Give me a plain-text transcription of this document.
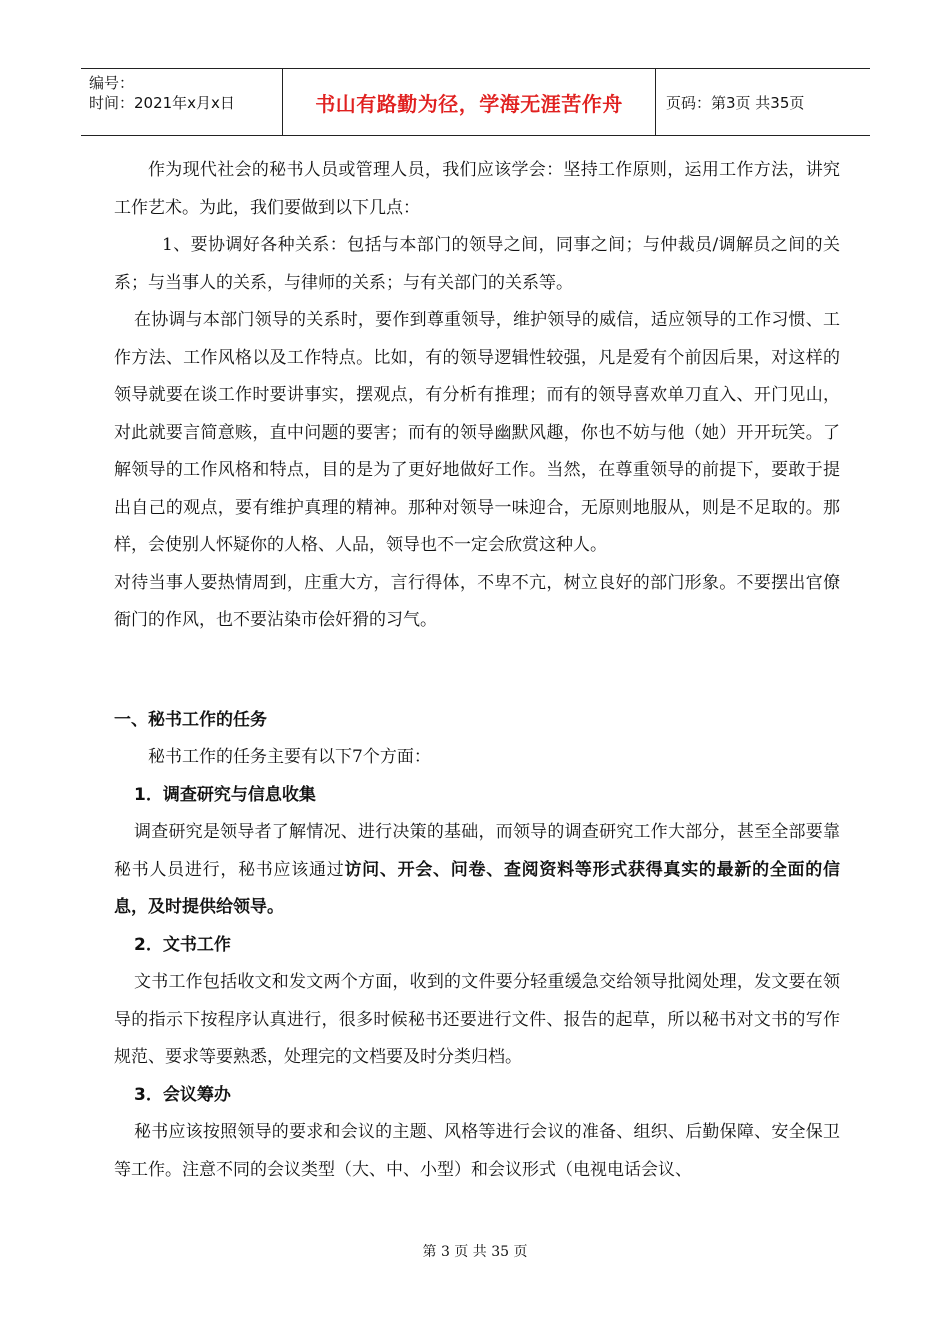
编号：
时间：2021年x月x日	书山有路勤为径，学海无涯苦作舟	页码：第3页 共35页

作为现代社会的秘书人员或管理人员，我们应该学会：坚持工作原则，运用工作方法，讲究工作艺术。为此，我们要做到以下几点：

1、要协调好各种关系：包括与本部门的领导之间，同事之间；与仲裁员/调解员之间的关系；与当事人的关系，与律师的关系；与有关部门的关系等。

在协调与本部门领导的关系时，要作到尊重领导，维护领导的威信，适应领导的工作习惯、工作方法、工作风格以及工作特点。比如，有的领导逻辑性较强，凡是爱有个前因后果，对这样的领导就要在谈工作时要讲事实，摆观点，有分析有推理；而有的领导喜欢单刀直入、开门见山，对此就要言简意赅，直中问题的要害；而有的领导幽默风趣，你也不妨与他（她）开开玩笑。了解领导的工作风格和特点，目的是为了更好地做好工作。当然，在尊重领导的前提下，要敢于提出自己的观点，要有维护真理的精神。那种对领导一味迎合，无原则地服从，则是不足取的。那样，会使别人怀疑你的人格、人品，领导也不一定会欣赏这种人。

对待当事人要热情周到，庄重大方，言行得体，不卑不亢，树立良好的部门形象。不要摆出官僚衙门的作风，也不要沾染市侩奸猾的习气。

一、秘书工作的任务

秘书工作的任务主要有以下7个方面：

1．调查研究与信息收集

调查研究是领导者了解情况、进行决策的基础，而领导的调查研究工作大部分，甚至全部要靠秘书人员进行，秘书应该通过访问、开会、问卷、查阅资料等形式获得真实的最新的全面的信息，及时提供给领导。

2．文书工作

文书工作包括收文和发文两个方面，收到的文件要分轻重缓急交给领导批阅处理，发文要在领导的指示下按程序认真进行，很多时候秘书还要进行文件、报告的起草，所以秘书对文书的写作规范、要求等要熟悉，处理完的文档要及时分类归档。

3．会议筹办

秘书应该按照领导的要求和会议的主题、风格等进行会议的准备、组织、后勤保障、安全保卫等工作。注意不同的会议类型（大、中、小型）和会议形式（电视电话会议、

第 3 页 共 35 页
